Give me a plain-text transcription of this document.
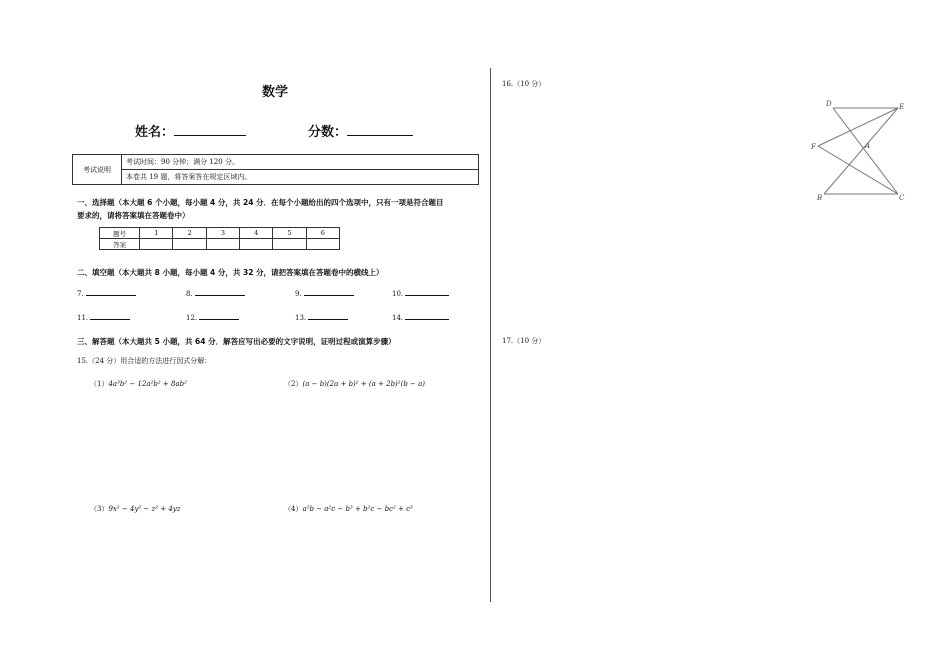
数学
姓名：	分数：
考试说明	考试时间：90 分钟；满分 120 分。
本卷共 19 题，将答案答在规定区域内。
一、选择题（本大题 6 个小题，每小题 4 分，共 24 分．在每个小题给出的四个选项中，只有一项是符合题目
要求的，请将答案填在答题卷中）
题号	1	2	3	4	5	6
答案						
二、填空题（本大题共 8 小题，每小题 4 分，共 32 分，请把答案填在答题卷中的横线上）
7.	8.	9.	10.
11.	12.	13.	14.
三、解答题（本大题共 5 小题，共 64 分．解答应写出必要的文字说明，证明过程或演算步骤）
15.（24 分）用合适的方法进行因式分解：
（1）4a³b² − 12a²b² + 8ab²	（2）(a − b)(2a + b)² + (a + 2b)²(b − a)
（3）9x² − 4y² − z² + 4yz	（4）a²b − a²c − b³ + b²c − bc² + c³
16.（10 分）
17.（10 分）
D	E
F	A
B	C
